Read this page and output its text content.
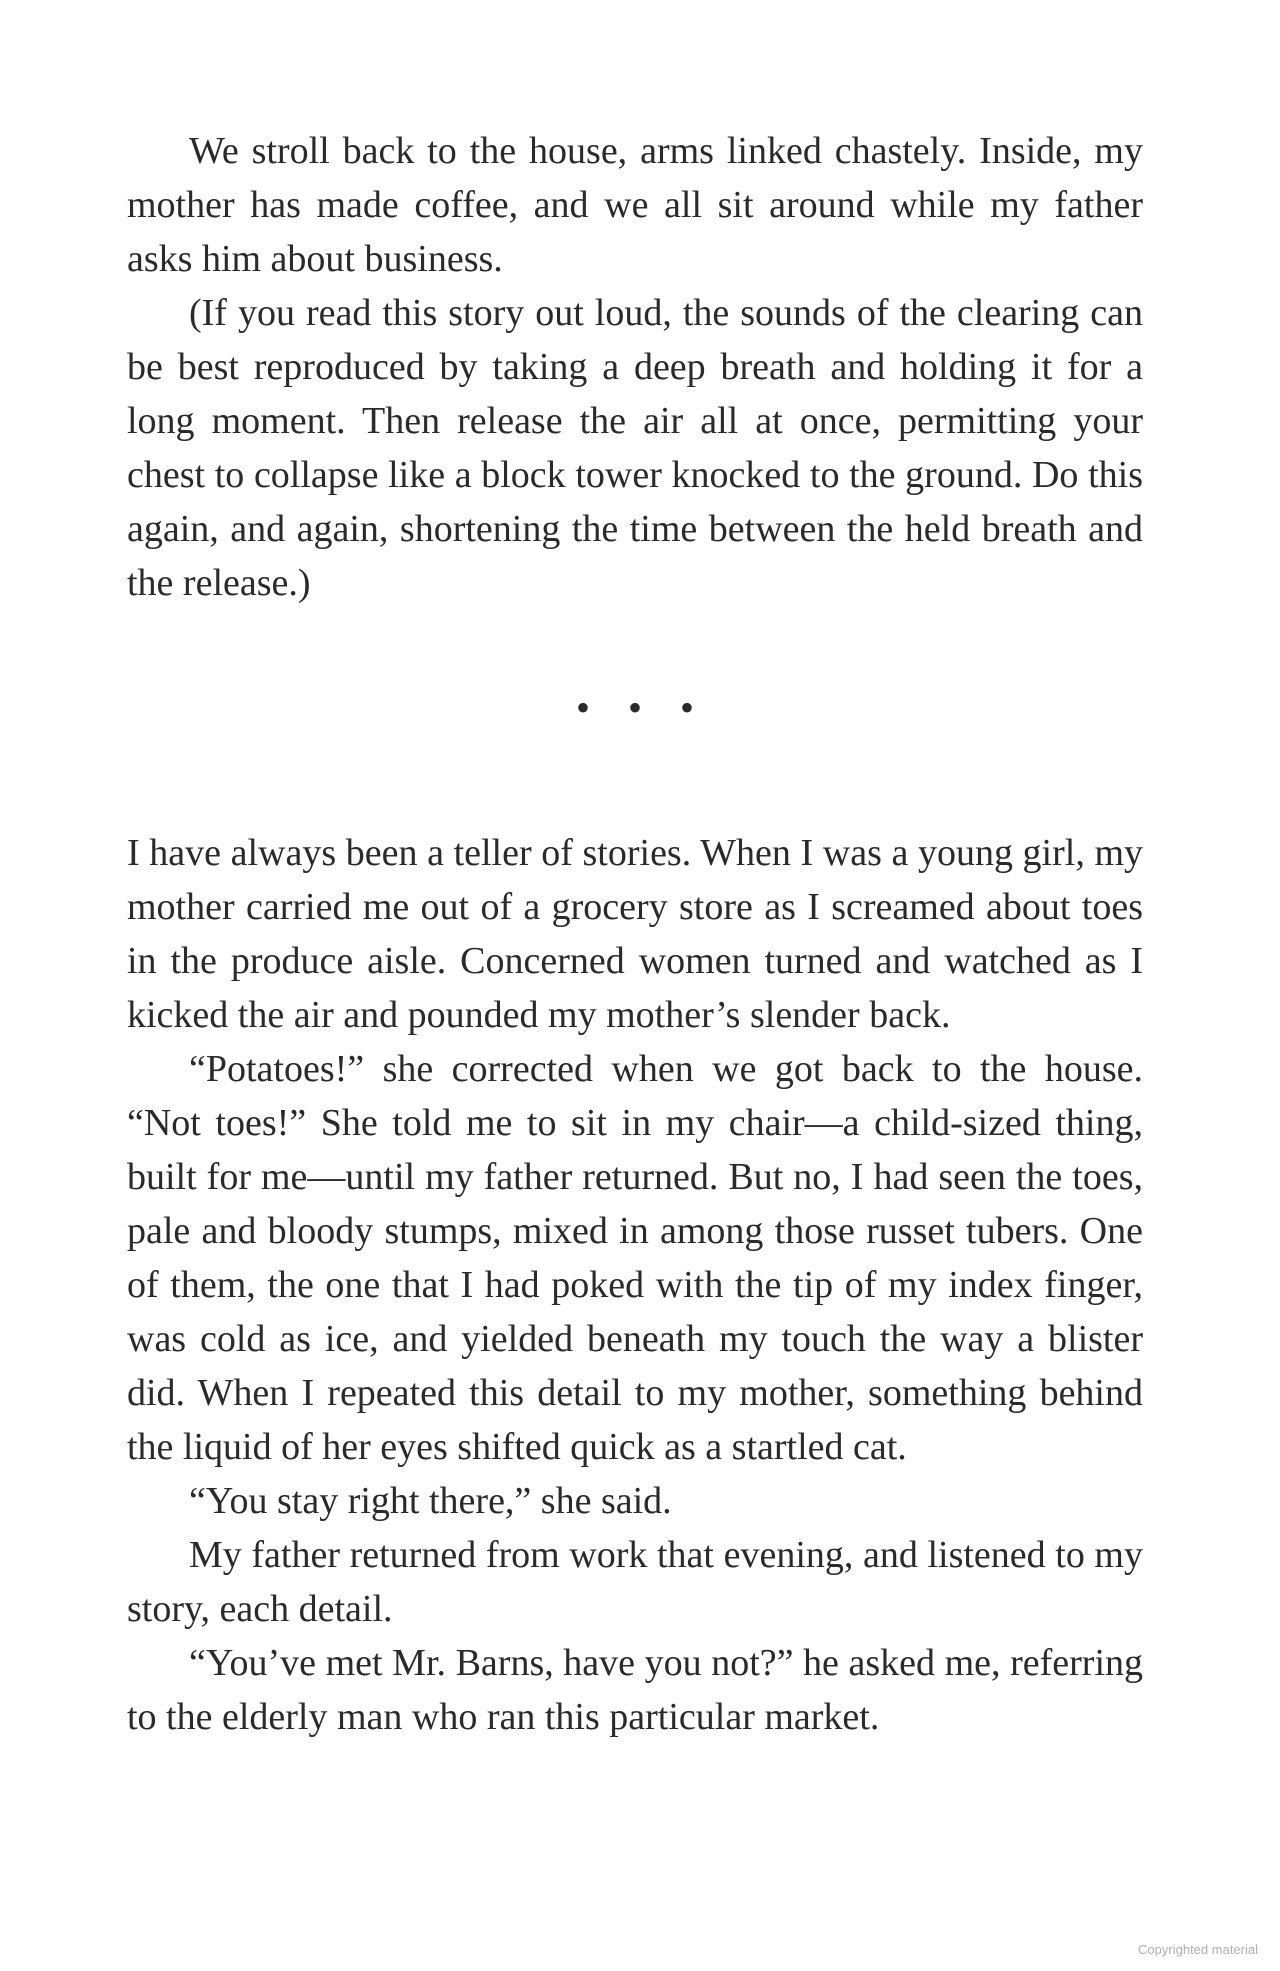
We stroll back to the house, arms linked chastely. Inside, my mother has made coffee, and we all sit around while my father asks him about business.

(If you read this story out loud, the sounds of the clearing can be best reproduced by taking a deep breath and holding it for a long moment. Then release the air all at once, permitting your chest to collapse like a block tower knocked to the ground. Do this again, and again, shortening the time between the held breath and the release.)

• • •

I have always been a teller of stories. When I was a young girl, my mother carried me out of a grocery store as I screamed about toes in the produce aisle. Concerned women turned and watched as I kicked the air and pounded my mother’s slender back.

“Potatoes!” she corrected when we got back to the house. “Not toes!” She told me to sit in my chair—a child-sized thing, built for me—until my father returned. But no, I had seen the toes, pale and bloody stumps, mixed in among those russet tubers. One of them, the one that I had poked with the tip of my index finger, was cold as ice, and yielded beneath my touch the way a blister did. When I repeated this detail to my mother, something behind the liquid of her eyes shifted quick as a startled cat.

“You stay right there,” she said.

My father returned from work that evening, and listened to my story, each detail.

“You’ve met Mr. Barns, have you not?” he asked me, referring to the elderly man who ran this particular market.

Copyrighted material
